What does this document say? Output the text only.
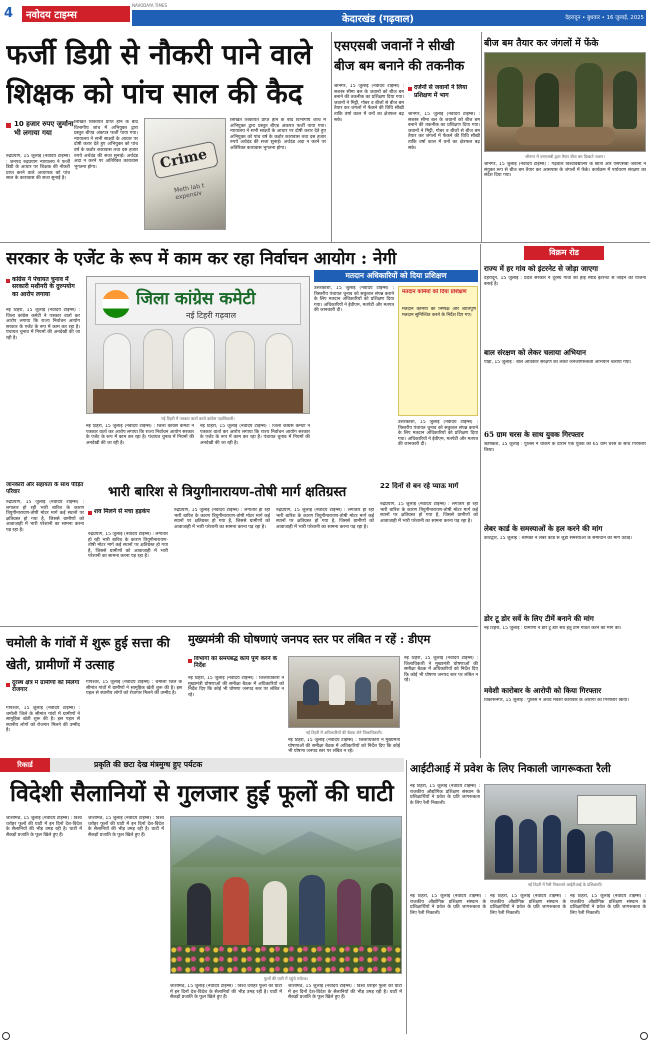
4	नवोदय टाइम्स
NAVODAYA TIMES
केदारखंड (गढ़वाल)	देहरादून • बुधवार • 16 जुलाई, 2025
फर्जी डिग्री से नौकरी पाने वाले
शिक्षक को पांच साल की कैद
10 हजार रुपए जुर्माना भी लगाया गया
रुद्रप्रयाग, 15 जुलाई (नवोदय टाइम्स) : जनपद रुद्रप्रयाग न्यायालय ने फर्जी डिग्री के आधार पर शिक्षक की नौकरी प्राप्त करने वाले अध्यापक को पांच साल के कारावास की सजा सुनाई है।
लिखित शिकायत प्राप्त होने के बाद विभागीय जांच में अभियुक्त द्वारा प्रस्तुत बीएड अंकपत्र फर्जी पाया गया। न्यायालय ने सभी साक्ष्यों के आधार पर दोषी करार देते हुए अभियुक्त को पांच वर्ष के कठोर कारावास तथा दस हजार रुपये अर्थदंड की सजा सुनाई। अर्थदंड अदा न करने पर अतिरिक्त कारावास भुगतना होगा।	Crime
Meth lab t expensiv
लिखित शिकायत प्राप्त होने के बाद विभागीय जांच में अभियुक्त द्वारा प्रस्तुत बीएड अंकपत्र फर्जी पाया गया। न्यायालय ने सभी साक्ष्यों के आधार पर दोषी करार देते हुए अभियुक्त को पांच वर्ष के कठोर कारावास तथा दस हजार रुपये अर्थदंड की सजा सुनाई। अर्थदंड अदा न करने पर अतिरिक्त कारावास भुगतना होगा।
एसएसबी जवानों ने सीखी
बीज बम बनाने की तकनीक
श्रीनगर, 15 जुलाई (नवोदय टाइम्स) : सशस्त्र सीमा बल के जवानों को बीज बम बनाने की तकनीक का प्रशिक्षण दिया गया। जवानों ने मिट्टी, गोबर व बीजों से बीज बम तैयार कर जंगलों में फेंकने की विधि सीखी ताकि वर्षा काल में वनों का क्षेत्रफल बढ़ सके।
दर्जनों से जवानों ने लिया प्रशिक्षण में भाग
श्रीनगर, 15 जुलाई (नवोदय टाइम्स) : सशस्त्र सीमा बल के जवानों को बीज बम बनाने की तकनीक का प्रशिक्षण दिया गया। जवानों ने मिट्टी, गोबर व बीजों से बीज बम तैयार कर जंगलों में फेंकने की विधि सीखी ताकि वर्षा काल में वनों का क्षेत्रफल बढ़ सके।
बीज बम तैयार कर जंगलों में फेंके
श्रीनगर में एसएसबी द्वारा तैयार बीज बम दिखाते जवान।
श्रीनगर, 15 जुलाई (नवोदय टाइम्स) : गढ़वाल विश्वविद्यालय के छात्रों और एसएसबी जवानों ने संयुक्त रूप से बीज बम तैयार कर आसपास के जंगलों में फेंके। कार्यक्रम में पर्यावरण संरक्षण का संदेश दिया गया।
सरकार के एजेंट के रूप में काम कर रहा निर्वाचन आयोग : नेगी
कांग्रेस ने पंचायत चुनाव में सरकारी मशीनरी के दुरुपयोग का आरोप लगाया
नई टिहरी, 15 जुलाई (नवोदय टाइम्स) : जिला कांग्रेस कमेटी ने पत्रकार वार्ता कर आरोप लगाया कि राज्य निर्वाचन आयोग सरकार के एजेंट के रूप में काम कर रहा है। पंचायत चुनाव में नियमों की अनदेखी की जा रही है।
जिला कांग्रेस कमेटी
नई टिहरी गढ़वाल
नई टिहरी में पत्रकार वार्ता करते कांग्रेस पदाधिकारी।
नई टिहरी, 15 जुलाई (नवोदय टाइम्स) : जिला कांग्रेस कमेटी ने पत्रकार वार्ता कर आरोप लगाया कि राज्य निर्वाचन आयोग सरकार के एजेंट के रूप में काम कर रहा है। पंचायत चुनाव में नियमों की अनदेखी की जा रही है।
नई टिहरी, 15 जुलाई (नवोदय टाइम्स) : जिला कांग्रेस कमेटी ने पत्रकार वार्ता कर आरोप लगाया कि राज्य निर्वाचन आयोग सरकार के एजेंट के रूप में काम कर रहा है। पंचायत चुनाव में नियमों की अनदेखी की जा रही है।
मतदान अधिकारियों को दिया प्रशिक्षण
उत्तरकाशी, 15 जुलाई (नवोदय टाइम्स) : त्रिस्तरीय पंचायत चुनाव को सकुशल संपन्न कराने के लिए मतदान अधिकारियों को प्रशिक्षण दिया गया। अधिकारियों ने ईवीएम, मतपेटी और मतपत्र की जानकारी दी।
मतदान कर्मियों को दिया प्रशिक्षण
मतदान कर्मियों को निष्पक्ष और शांतिपूर्ण मतदान सुनिश्चित करने के निर्देश दिए गए।
उत्तरकाशी, 15 जुलाई (नवोदय टाइम्स) : त्रिस्तरीय पंचायत चुनाव को सकुशल संपन्न कराने के लिए मतदान अधिकारियों को प्रशिक्षण दिया गया। अधिकारियों ने ईवीएम, मतपेटी और मतपत्र की जानकारी दी।
जानकारी और सहायता के साथ पीड़ित परिवार
रुद्रप्रयाग, 15 जुलाई (नवोदय टाइम्स) : लगातार हो रही भारी बारिश के कारण त्रियुगीनारायण-तोषी मोटर मार्ग कई स्थानों पर क्षतिग्रस्त हो गया है, जिससे ग्रामीणों को आवाजाही में भारी परेशानी का सामना करना पड़ रहा है।
भारी बारिश से त्रियुगीनारायण-तोषी मार्ग क्षतिग्रस्त
शव मिलने से मचा हड़कंप
रुद्रप्रयाग, 15 जुलाई (नवोदय टाइम्स) : लगातार हो रही भारी बारिश के कारण त्रियुगीनारायण-तोषी मोटर मार्ग कई स्थानों पर क्षतिग्रस्त हो गया है, जिससे ग्रामीणों को आवाजाही में भारी परेशानी का सामना करना पड़ रहा है।
रुद्रप्रयाग, 15 जुलाई (नवोदय टाइम्स) : लगातार हो रही भारी बारिश के कारण त्रियुगीनारायण-तोषी मोटर मार्ग कई स्थानों पर क्षतिग्रस्त हो गया है, जिससे ग्रामीणों को आवाजाही में भारी परेशानी का सामना करना पड़ रहा है।
रुद्रप्रयाग, 15 जुलाई (नवोदय टाइम्स) : लगातार हो रही भारी बारिश के कारण त्रियुगीनारायण-तोषी मोटर मार्ग कई स्थानों पर क्षतिग्रस्त हो गया है, जिससे ग्रामीणों को आवाजाही में भारी परेशानी का सामना करना पड़ रहा है।
22 दिनों से बन रहे प्याऊ मार्ग
रुद्रप्रयाग, 15 जुलाई (नवोदय टाइम्स) : लगातार हो रही भारी बारिश के कारण त्रियुगीनारायण-तोषी मोटर मार्ग कई स्थानों पर क्षतिग्रस्त हो गया है, जिससे ग्रामीणों को आवाजाही में भारी परेशानी का सामना करना पड़ रहा है।
चमोली के गांवों में शुरू हुई सत्ता की खेती, ग्रामीणों में उत्साह
दूरस्थ क्षेत्र में ग्रामीणों को मिलेगा रोजगार
गोपेश्वर, 15 जुलाई (नवोदय टाइम्स) : चमोली जिले के सीमांत गांवों में ग्रामीणों ने सामूहिक खेती शुरू की है। इस पहल से स्थानीय लोगों को रोजगार मिलने की उम्मीद है।
गोपेश्वर, 15 जुलाई (नवोदय टाइम्स) : चमोली जिले के सीमांत गांवों में ग्रामीणों ने सामूहिक खेती शुरू की है। इस पहल से स्थानीय लोगों को रोजगार मिलने की उम्मीद है।
मुख्यमंत्री की घोषणाएं जनपद स्तर पर लंबित न रहें : डीएम
विभागों को समयबद्ध कार्य पूर्ण करने के निर्देश
नई टिहरी, 15 जुलाई (नवोदय टाइम्स) : जिलाधिकारी ने मुख्यमंत्री घोषणाओं की समीक्षा बैठक में अधिकारियों को निर्देश दिए कि कोई भी घोषणा जनपद स्तर पर लंबित न रहे।
नई टिहरी में अधिकारियों की बैठक लेते जिलाधिकारी।
नई टिहरी, 15 जुलाई (नवोदय टाइम्स) : जिलाधिकारी ने मुख्यमंत्री घोषणाओं की समीक्षा बैठक में अधिकारियों को निर्देश दिए कि कोई भी घोषणा जनपद स्तर पर लंबित न रहे।
नई टिहरी, 15 जुलाई (नवोदय टाइम्स) : जिलाधिकारी ने मुख्यमंत्री घोषणाओं की समीक्षा बैठक में अधिकारियों को निर्देश दिए कि कोई भी घोषणा जनपद स्तर पर लंबित न रहे।
विक्रम रोड
राज्य में हर गांव को इंटरनेट से जोड़ा जाएगा
देहरादून, 15 जुलाई : प्रदेश सरकार ने दूरस्थ गांवों को हाई स्पीड इंटरनेट से जोड़ने की योजना बनाई है।
बाल संरक्षण को लेकर चलाया अभियान
पौड़ी, 15 जुलाई : बाल अधिकार संरक्षण को लेकर जनजागरूकता अभियान चलाया गया।
65 ग्राम चरस के साथ युवक गिरफ्तार
ऋषिकेश, 15 जुलाई : पुलिस ने चेकिंग के दौरान एक युवक को 65 ग्राम चरस के साथ गिरफ्तार किया।
लेबर कार्ड के समस्याओं के हल करने की मांग
कोटद्वार, 15 जुलाई : श्रमिकों ने लेबर कार्ड से जुड़ी समस्याओं के समाधान की मांग उठाई।
डोर टू डोर सर्वे के लिए टीमें बनाने की मांग
नई टिहरी, 15 जुलाई : ग्रामीणों ने डोर टू डोर सर्वे हेतु टीमें गठित करने की मांग की।
मवेशी कारोबार के आरोपी को किया गिरफ्तार
विकासनगर, 15 जुलाई : पुलिस ने अवैध मवेशी कारोबार के आरोपी को गिरफ्तार किया।
रिकार्ड	प्रकृति की छटा देख मंत्रमुग्ध हुए पर्यटक
विदेशी सैलानियों से गुलजार हुई फूलों की घाटी
जोशीमठ, 15 जुलाई (नवोदय टाइम्स) : विश्व धरोहर फूलों की घाटी में इन दिनों देश-विदेश के सैलानियों की भीड़ उमड़ रही है। घाटी में सैकड़ों प्रजाति के फूल खिले हुए हैं।
जोशीमठ, 15 जुलाई (नवोदय टाइम्स) : विश्व धरोहर फूलों की घाटी में इन दिनों देश-विदेश के सैलानियों की भीड़ उमड़ रही है। घाटी में सैकड़ों प्रजाति के फूल खिले हुए हैं।
फूलों की घाटी में पहुंचे पर्यटक।
जोशीमठ, 15 जुलाई (नवोदय टाइम्स) : विश्व धरोहर फूलों की घाटी में इन दिनों देश-विदेश के सैलानियों की भीड़ उमड़ रही है। घाटी में सैकड़ों प्रजाति के फूल खिले हुए हैं।
जोशीमठ, 15 जुलाई (नवोदय टाइम्स) : विश्व धरोहर फूलों की घाटी में इन दिनों देश-विदेश के सैलानियों की भीड़ उमड़ रही है। घाटी में सैकड़ों प्रजाति के फूल खिले हुए हैं।
आईटीआई में प्रवेश के लिए निकाली जागरूकता रैली
नई टिहरी, 15 जुलाई (नवोदय टाइम्स) : राजकीय औद्योगिक प्रशिक्षण संस्थान के प्रशिक्षार्थियों ने प्रवेश के प्रति जागरूकता के लिए रैली निकाली।
नई टिहरी में रैली निकालते आईटीआई के प्रशिक्षार्थी।
नई टिहरी, 15 जुलाई (नवोदय टाइम्स) : राजकीय औद्योगिक प्रशिक्षण संस्थान के प्रशिक्षार्थियों ने प्रवेश के प्रति जागरूकता के लिए रैली निकाली।
नई टिहरी, 15 जुलाई (नवोदय टाइम्स) : राजकीय औद्योगिक प्रशिक्षण संस्थान के प्रशिक्षार्थियों ने प्रवेश के प्रति जागरूकता के लिए रैली निकाली।
नई टिहरी, 15 जुलाई (नवोदय टाइम्स) : राजकीय औद्योगिक प्रशिक्षण संस्थान के प्रशिक्षार्थियों ने प्रवेश के प्रति जागरूकता के लिए रैली निकाली।
